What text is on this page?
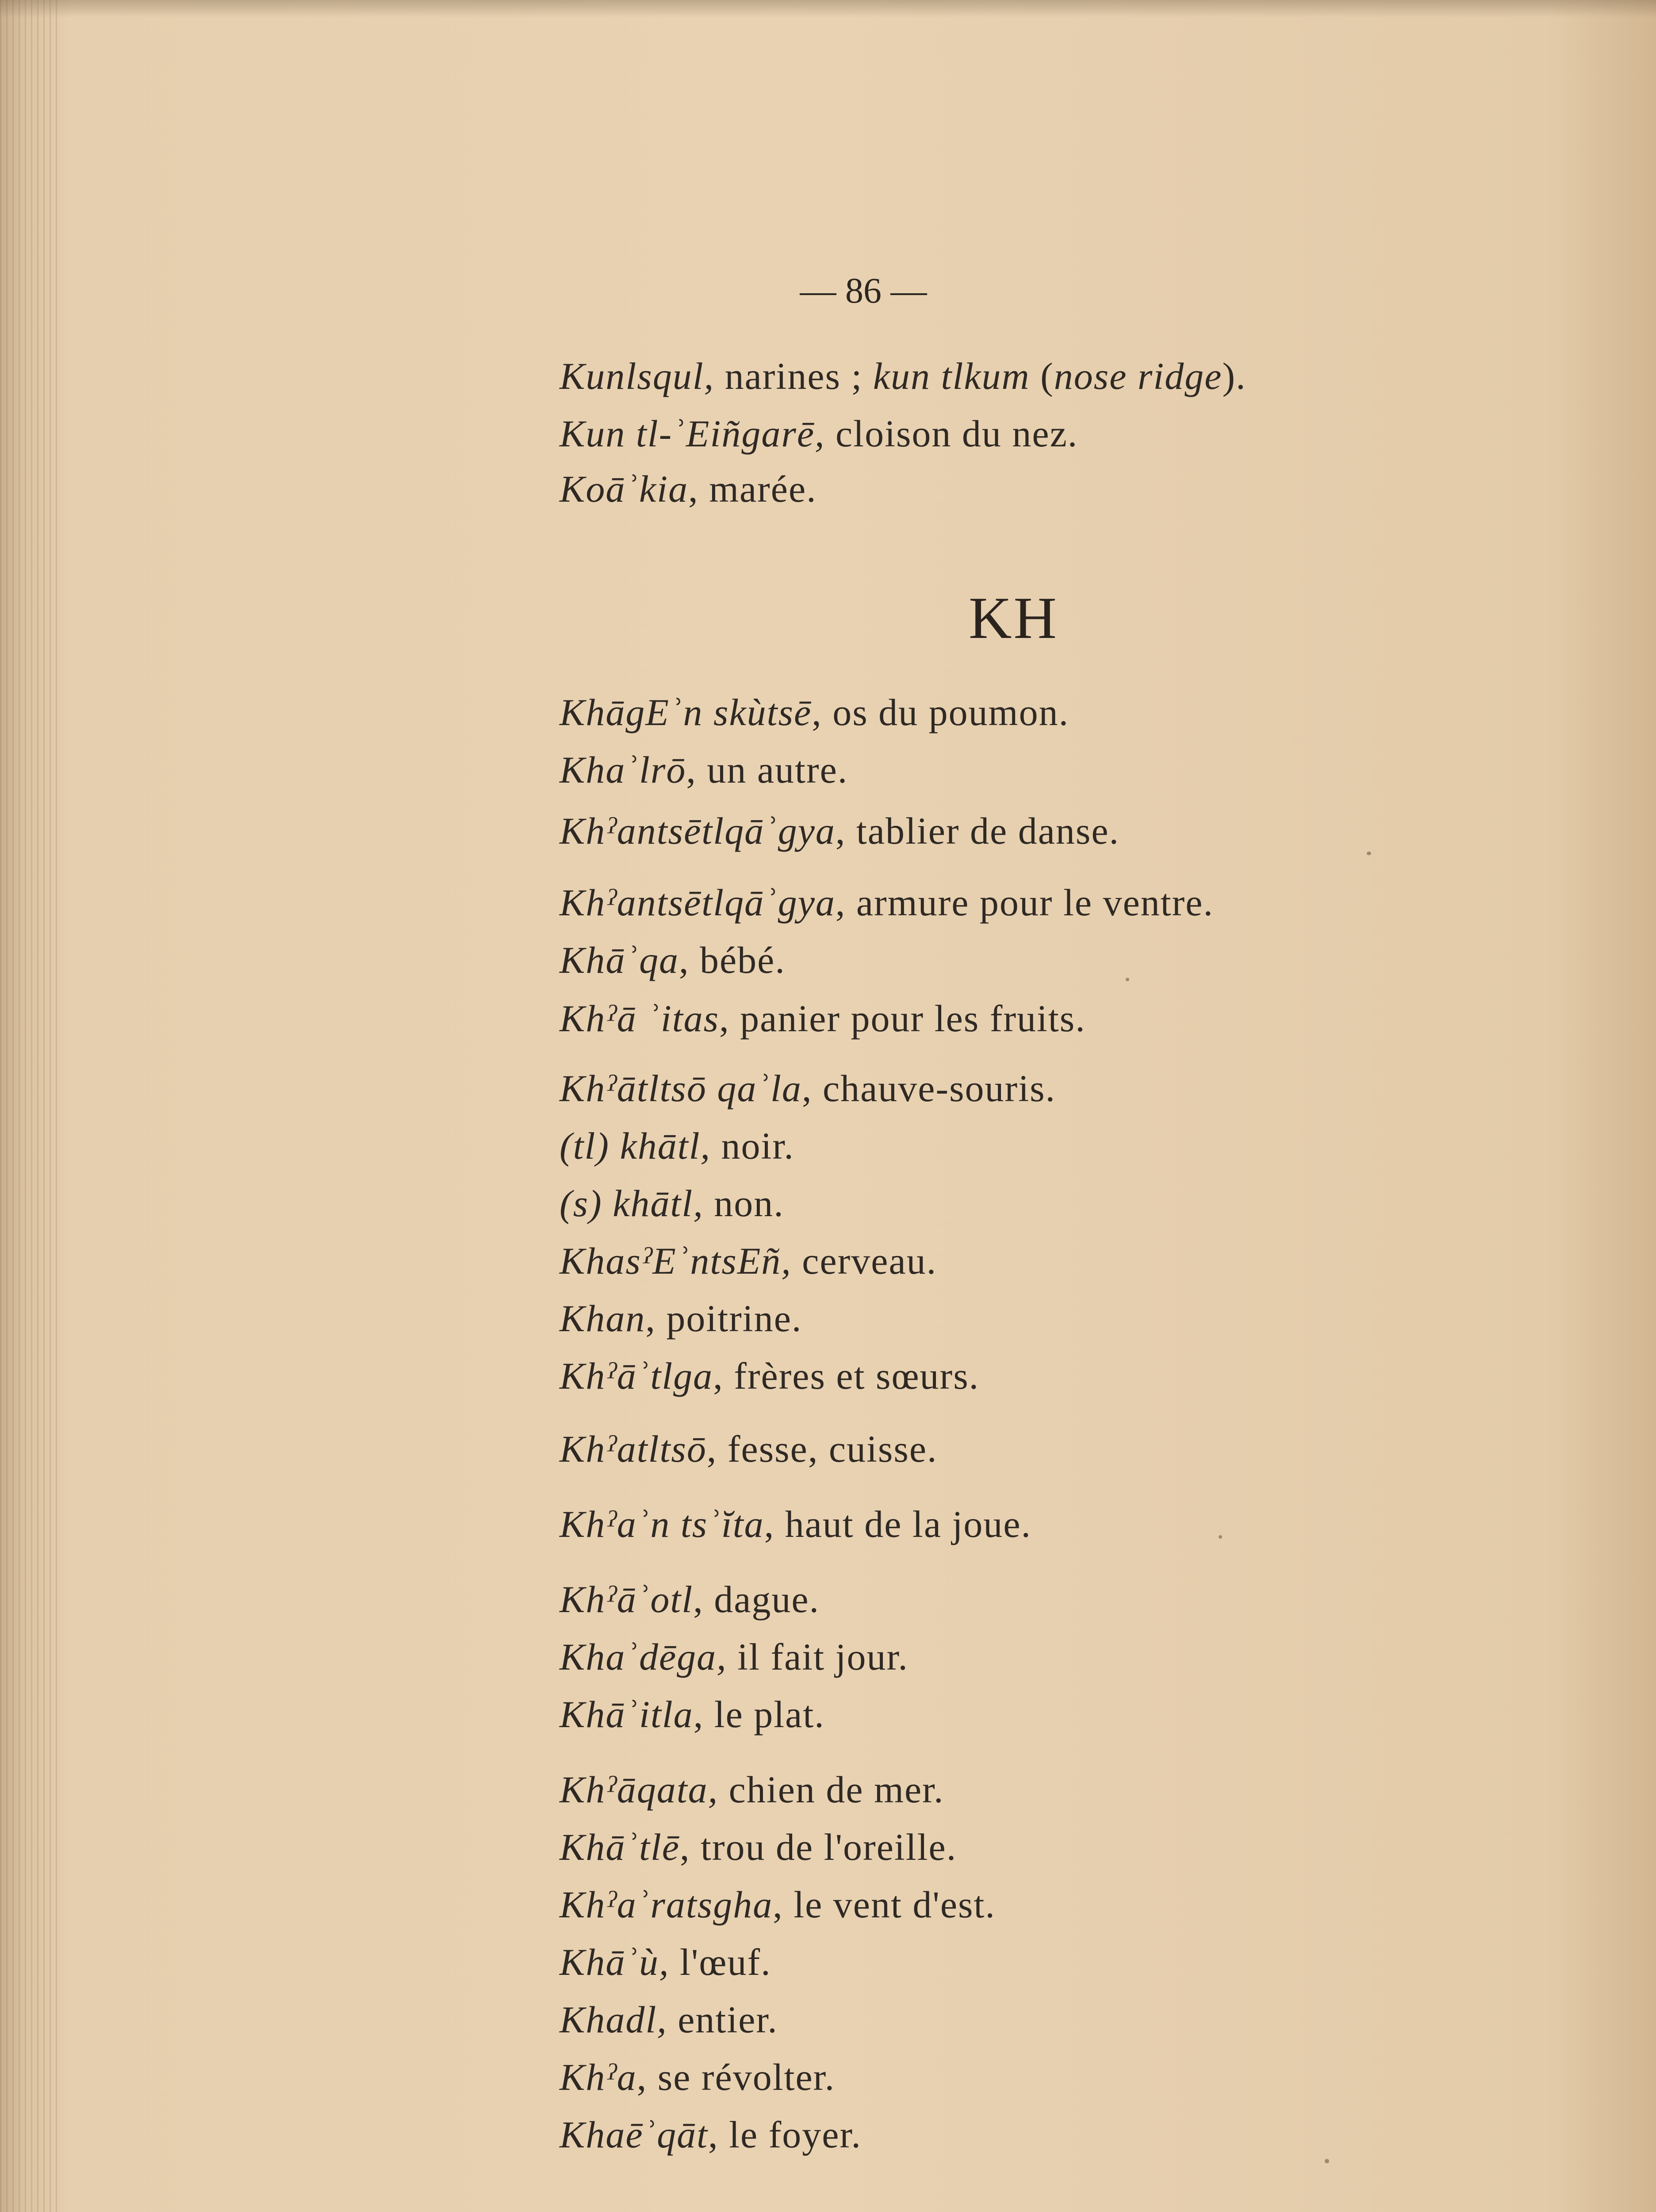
— 86 —
Kunlsqul, narines ; kun tlkum (nose ridge).
Kun tl-ʾEiñgarē, cloison du nez.
Koāʾkia, marée.
KH
KhāgEʾn skùtsē, os du poumon.
Khaʾlrō, un autre.
Khˀantsētlqāʾgya, tablier de danse.
Khˀantsētlqāʾgya, armure pour le ventre.
Khāʾqa, bébé.
Khˀā ʾitas, panier pour les fruits.
Khˀātltsō qaʾla, chauve-souris.
(tl) khātl, noir.
(s) khātl, non.
KhasˀEʾntsEñ, cerveau.
Khan, poitrine.
Khˀāʾtlga, frères et sœurs.
Khˀatltsō, fesse, cuisse.
Khˀaʾn tsʾĭta, haut de la joue.
Khˀāʾotl, dague.
Khaʾdēga, il fait jour.
Khāʾitla, le plat.
Khˀāqata, chien de mer.
Khāʾtlē, trou de l'oreille.
Khˀaʾratsgha, le vent d'est.
Khāʾù, l'œuf.
Khadl, entier.
Khˀa, se révolter.
Khaēʾqāt, le foyer.
